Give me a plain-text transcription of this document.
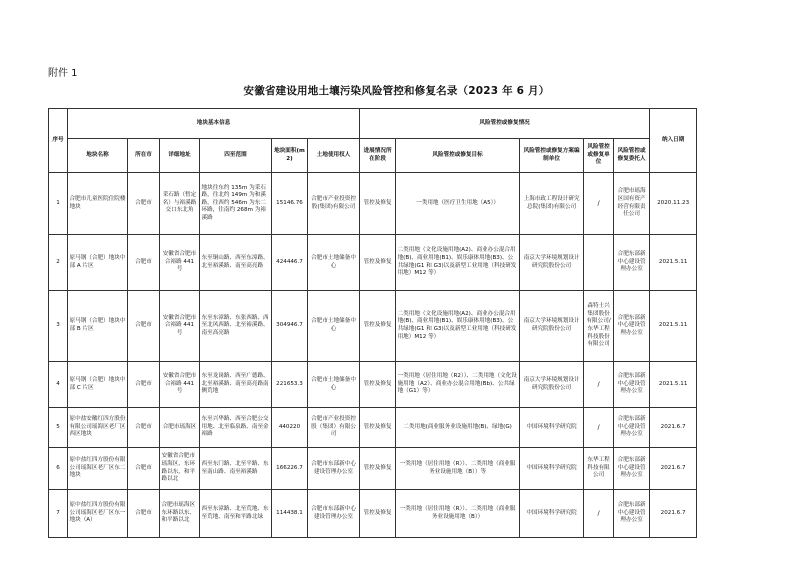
附件 1
安徽省建设用地土壤污染风险管控和修复名录（2023 年 6 月）
序号	地块基本信息						风险管控或修复情况					纳入日期
	地块名称	所在市	详细地址	四至范围	地块面积(m2)	土地使用权人	进展情况所在阶段	风险管控或修复目标	风险管控或修复方案编制单位	风险管控或修复单位	风险管控或修复委托人	
1	合肥市儿童医院住院楼地块	合肥市	采石路（暂定名）与裕溪路交口东北角	地块往东约 135m 为采石路，往北约 149m 为和溪路，往西约 546m 为东二环路，往南约 268m 为裕溪路	15146.76	合肥市产业投资控股(集团)有限公司	管控及修复	一类用地（医疗卫生用地（A5））	上海市政工程设计研究总院(集团)有限公司	/	合肥市瑶海区国有资产经营有限责任公司	2020.11.23
2	原马钢（合肥）地块中部 A 片区	合肥市	安徽省合肥市合裕路 441 号	东至铜山路、西至东漳路、北至裕溪路、南至高亮路	424446.7	合肥市土地储备中心	管控及修复	二类用地（文化设施用地(A2)、商业办公混合用地(B)、商业用地(B1)、娱乐康体用地(B3)、公共绿地(G1 和 G3)以及新型工业用地（科技研发用地）M12 等）	南京大学环境规划设计研究院股份公司		合肥东部新中心建设管理办公室	2021.5.11
3	原马钢（合肥）地块中部 B 片区	合肥市	安徽省合肥市合裕路 441 号	东至东漳路、东张西路、西至北风西路、北至裕溪路、南至高亮路	304946.7	合肥市土地储备中心	管控及修复	二类用地（文化设施用地(A2)、商业办公混合用地(B)、商业用地(B1)、娱乐康体用地(B3)、公共绿地(G1 和 G3)以及新型工业用地（科技研发用地）M12 等）	南京大学环境规划设计研究院股份公司	森特士兴集团股份有限公司/东华工程科技股份有限公司	合肥东部新中心建设管理办公室	2021.5.11
4	原马钢（合肥）地块中部 C 片区	合肥市	安徽省合肥市合裕路 441 号	东至龙岗路、西至广德路、北至裕溪路、南至高亮路南侧荒地	221653.3	合肥市土地储备中心	管控及修复	一类用地（居住用地（R2））、二类用地（文化设施用地（A2）、商业办公混合用地(Bb)、公共绿地（G1）等）	南京大学环境规划设计研究院股份公司	/	合肥东部新中心建设管理办公室	2021.5.11
5	原中盐安徽红四方股份有限公司瑶海区老厂区西区地块	合肥市	合肥市瑶海区	东至兴华路、西至合肥公交用地、北至临泉路、南至金裕路	440220	合肥市产业投资控股（集团）有限公司	管控及修复	二类用地(商业服务业设施用地(B)、绿地(G)	中国环境科学研究院	/	合肥东部新中心建设管理办公室	2021.6.7
6	原中盐红四方股份有限公司瑶海区老厂区东二地块	合肥市	安徽省合肥市瑶海区，东环路以东，和平路以北	西至东门路、北至平路、东至南山路、南至裕溪路	166226.7	合肥市东部新中心建设管理办公室	管控及修复	一类用地（居住用地（R））、二类用地（商业服务业设施用地（B））等	中国环境科学研究院	东华工程科技有限公司	合肥东部新中心建设管理办公室	2021.6.7
7	原中盐红四方股份有限公司瑶海区老厂区东一地块（A）	合肥市	合肥市瑶海区东环路以东、和平路以北	西至东漳路、北至荒地、东至荒地、南至和平路北绿	114438.1	合肥市东部新中心建设管理办公室	管控及修复	一类用地（居住用地（R））、二类用地（商业服务业设施用地（B））	中国环境科学研究院	/	合肥东部新中心建设管理办公室	2021.6.7
